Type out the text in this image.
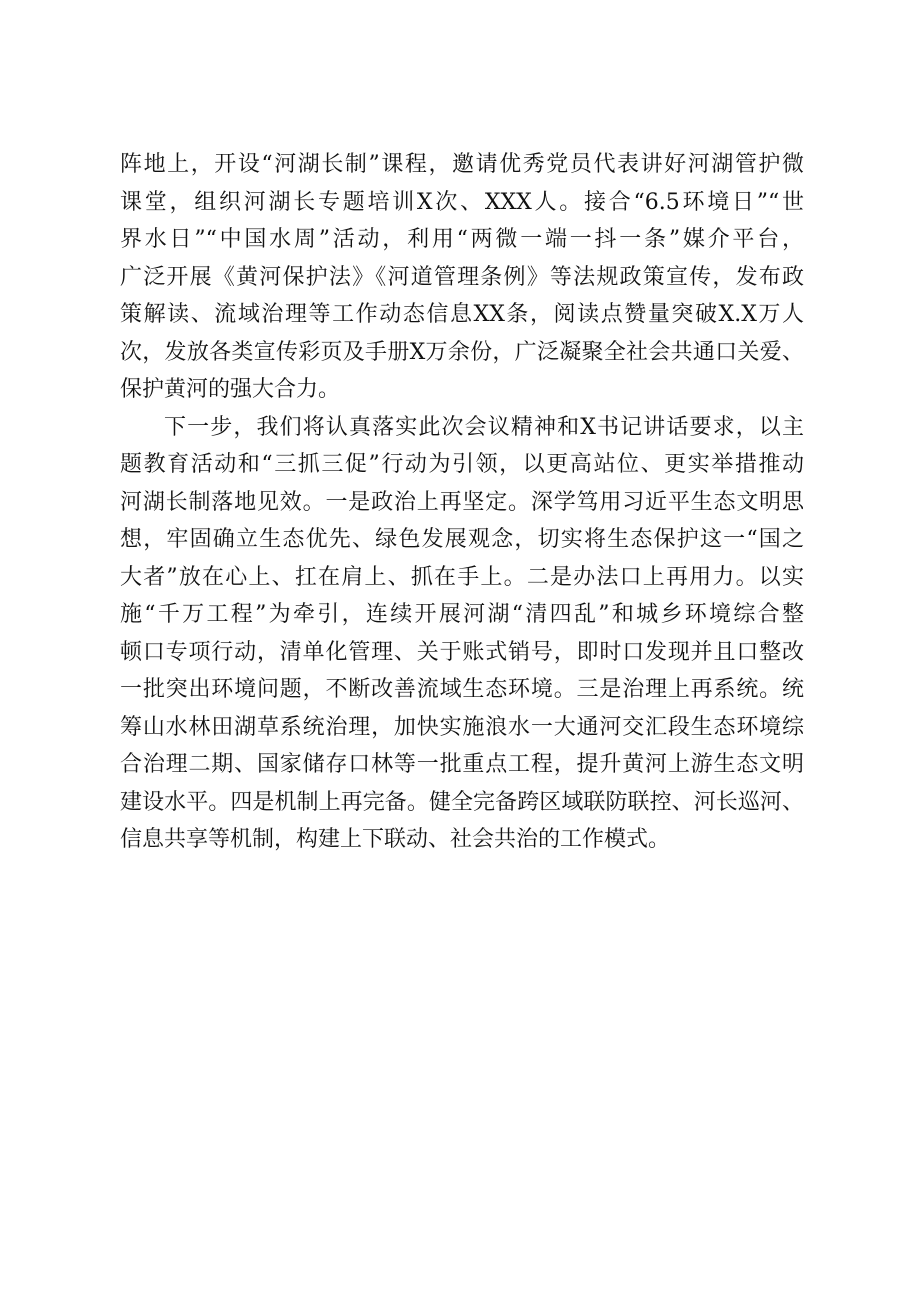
阵地上，开设“河湖长制”课程，邀请优秀党员代表讲好河湖管护微
课堂，组织河湖长专题培训X次、XXX人。接合“6.5环境日”“世
界水日”“中国水周”活动，利用“两微一端一抖一条”媒介平台，
广泛开展《黄河保护法》《河道管理条例》等法规政策宣传，发布政
策解读、流域治理等工作动态信息XX条，阅读点赞量突破X.X万人
次，发放各类宣传彩页及手册X万余份，广泛凝聚全社会共通口关爱、
保护黄河的强大合力。
下一步，我们将认真落实此次会议精神和X书记讲话要求，以主
题教育活动和“三抓三促”行动为引领，以更高站位、更实举措推动
河湖长制落地见效。一是政治上再坚定。深学笃用习近平生态文明思
想，牢固确立生态优先、绿色发展观念，切实将生态保护这一“国之
大者”放在心上、扛在肩上、抓在手上。二是办法口上再用力。以实
施“千万工程”为牵引，连续开展河湖“清四乱”和城乡环境综合整
顿口专项行动，清单化管理、关于账式销号，即时口发现并且口整改
一批突出环境问题，不断改善流域生态环境。三是治理上再系统。统
筹山水林田湖草系统治理，加快实施浪水一大通河交汇段生态环境综
合治理二期、国家储存口林等一批重点工程，提升黄河上游生态文明
建设水平。四是机制上再完备。健全完备跨区域联防联控、河长巡河、
信息共享等机制，构建上下联动、社会共治的工作模式。
